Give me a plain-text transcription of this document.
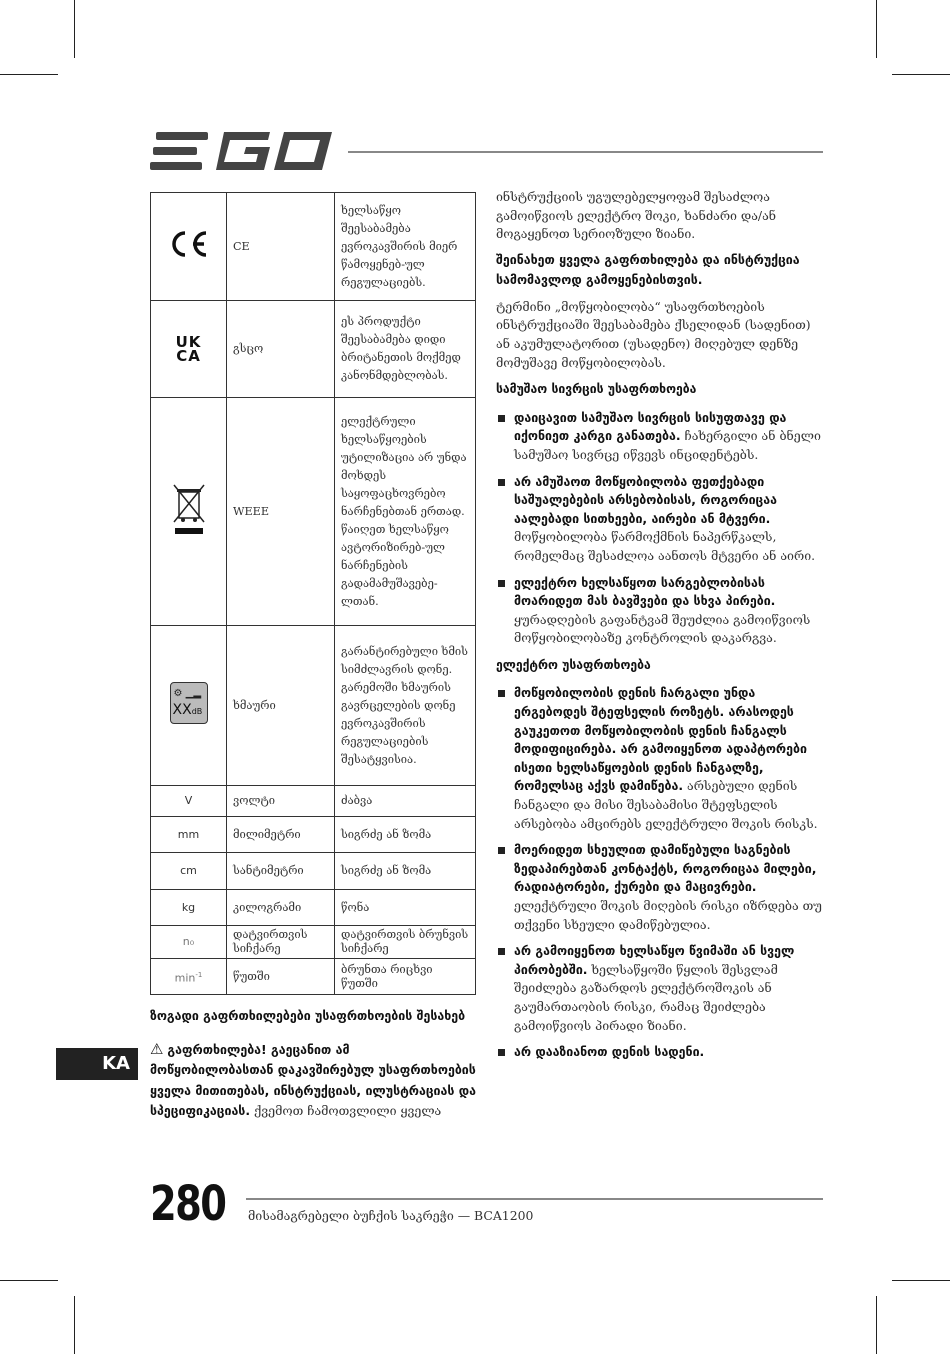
	CE	ხელსაწყო შეესაბამება ევროკავშირის მიერ წამოყენებ-ულ რეგულაციებს.

UK
CA	გსცო	ეს პროდუქტი შეესაბამება დიდი ბრიტანეთის მოქმედ კანონმდებლობას.
	WEEE	ელექტრული ხელსაწყოების უტილიზაცია არ უნდა მოხდეს საყოფაცხოვრებო ნარჩენებთან ერთად. წაიღეთ ხელსაწყო ავტორიზირებ-ულ ნარჩენების გადამამუშავებე-ლთან.

⚙ ▁▂
XXdB	ხმაური	გარანტირებული ხმის სიმძლავრის დონე. გარემოში ხმაურის გავრცელების დონე ევროკავშირის რეგულაციების შესატყვისია.
V	ვოლტი	ძაბვა
mm	მილიმეტრი	სიგრძე ან ზომა
cm	სანტიმეტრი	სიგრძე ან ზომა
kg	კილოგრამი	წონა
n₀	დატვირთვის სიჩქარე	დატვირთვის ბრუნვის სიჩქარე
$\min^{-1}$	წუთში	ბრუნთა რიცხვი წუთში

ზოგადი გაფრთხილებები უსაფრთხოების შესახებ

⚠ გაფრთხილება! გაეცანით ამ მოწყობილობასთან დაკავშირებულ უსაფრთხოების ყველა მითითებას, ინსტრუქციას, ილუსტრაციას და სპეციფიკაციას. ქვემოთ ჩამოთვლილი ყველა

KA

ინსტრუქციის უგულებელყოფამ შესაძლოა გამოიწვიოს ელექტრო შოკი, ხანძარი და/ან მოგაყენოთ სერიოზული ზიანი.

შეინახეთ ყველა გაფრთხილება და ინსტრუქცია სამომავლოდ გამოყენებისთვის.

ტერმინი „მოწყობილობა“ უსაფრთხოების ინსტრუქციაში შეესაბამება ქსელიდან (სადენით) ან აკუმულატორით (უსადენო) მიღებულ დენზე მომუშავე მოწყობილობას.

სამუშაო სივრცის უსაფრთხოება

დაიცავით სამუშაო სივრცის სისუფთავე და იქონიეთ კარგი განათება. ჩახერგილი ან ბნელი სამუშაო სივრცე იწვევს ინციდენტებს.
არ ამუშაოთ მოწყობილობა ფეთქებადი საშუალებების არსებობისას, როგორიცაა აალებადი სითხეები, აირები ან მტვერი. მოწყობილობა წარმოქმნის ნაპერწკალს, რომელმაც შესაძლოა აანთოს მტვერი ან აირი.
ელექტრო ხელსაწყოთ სარგებლობისას მოარიდეთ მას ბავშვები და სხვა პირები. ყურადღების გაფანტვამ შეუძლია გამოიწვიოს მოწყობილობაზე კონტროლის დაკარგვა.

ელექტრო უსაფრთხოება

მოწყობილობის დენის ჩარგალი უნდა ერგებოდეს შტეფსელის როზეტს. არასოდეს გაუკეთოთ მოწყობილობის დენის ჩანგალს მოდიფიცირება. არ გამოიყენოთ ადაპტორები ისეთი ხელსაწყოების დენის ჩანგალზე, რომელსაც აქვს დამიწება. არსებული დენის ჩანგალი და მისი შესაბამისი შტეფსელის არსებობა ამცირებს ელექტრული შოკის რისკს.
მოერიდეთ სხეულით დამიწებული საგნების ზედაპირებთან კონტაქტს, როგორიცაა მილები, რადიატორები, ქურები და მაცივრები. ელექტრული შოკის მიღების რისკი იზრდება თუ თქვენი სხეული დამიწებულია.
არ გამოიყენოთ ხელსაწყო წვიმაში ან სველ პირობებში. ხელსაწყოში წყლის შესვლამ შეიძლება გაზარდოს ელექტროშოკის ან გაუმართაობის რისკი, რამაც შეიძლება გამოიწვიოს პირადი ზიანი.
არ დააზიანოთ დენის სადენი.
280 მისამაგრებელი ბუჩქის საკრეჭი — BCA1200
